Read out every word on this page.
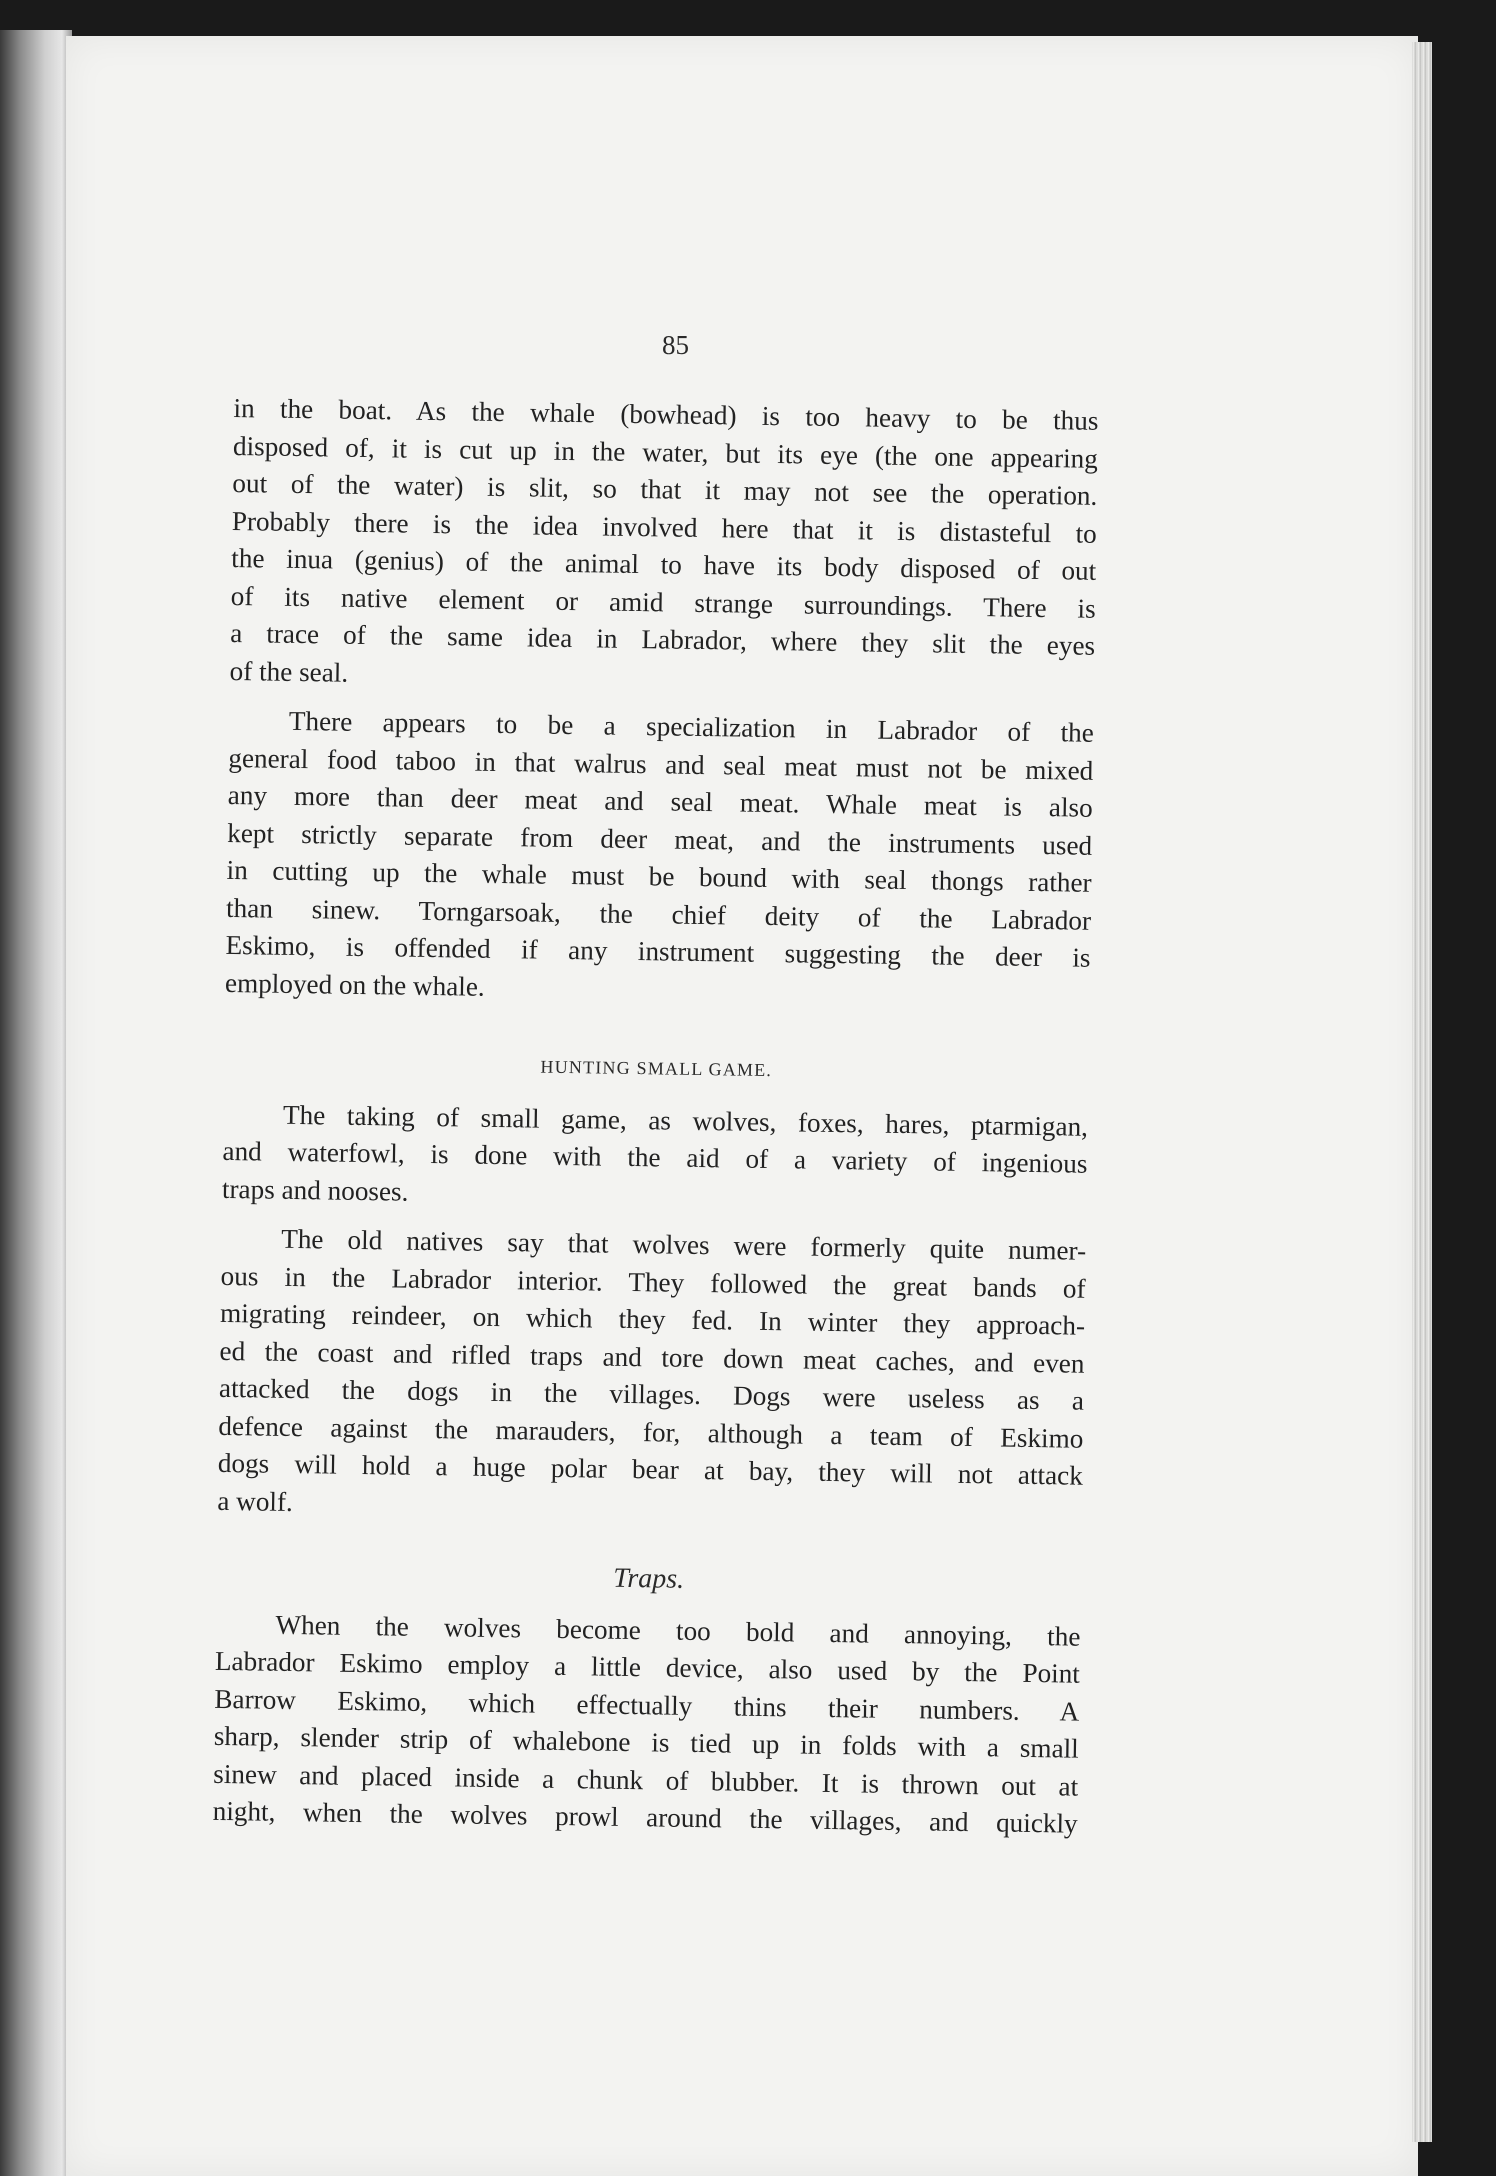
85

in the boat. As the whale (bowhead) is too heavy to be thus
disposed of, it is cut up in the water, but its eye (the one appearing
out of the water) is slit, so that it may not see the operation.
Probably there is the idea involved here that it is distasteful to
the inua (genius) of the animal to have its body disposed of out
of its native element or amid strange surroundings. There is
a trace of the same idea in Labrador, where they slit the eyes
of the seal.

There appears to be a specialization in Labrador of the
general food taboo in that walrus and seal meat must not be mixed
any more than deer meat and seal meat. Whale meat is also
kept strictly separate from deer meat, and the instruments used
in cutting up the whale must be bound with seal thongs rather
than sinew. Torngarsoak, the chief deity of the Labrador
Eskimo, is offended if any instrument suggesting the deer is
employed on the whale.

HUNTING SMALL GAME.

The taking of small game, as wolves, foxes, hares, ptarmigan,
and waterfowl, is done with the aid of a variety of ingenious
traps and nooses.

The old natives say that wolves were formerly quite numer-
ous in the Labrador interior. They followed the great bands of
migrating reindeer, on which they fed. In winter they approach-
ed the coast and rifled traps and tore down meat caches, and even
attacked the dogs in the villages. Dogs were useless as a
defence against the marauders, for, although a team of Eskimo
dogs will hold a huge polar bear at bay, they will not attack
a wolf.

Traps.

When the wolves become too bold and annoying, the
Labrador Eskimo employ a little device, also used by the Point
Barrow Eskimo, which effectually thins their numbers. A
sharp, slender strip of whalebone is tied up in folds with a small
sinew and placed inside a chunk of blubber. It is thrown out at
night, when the wolves prowl around the villages, and quickly
